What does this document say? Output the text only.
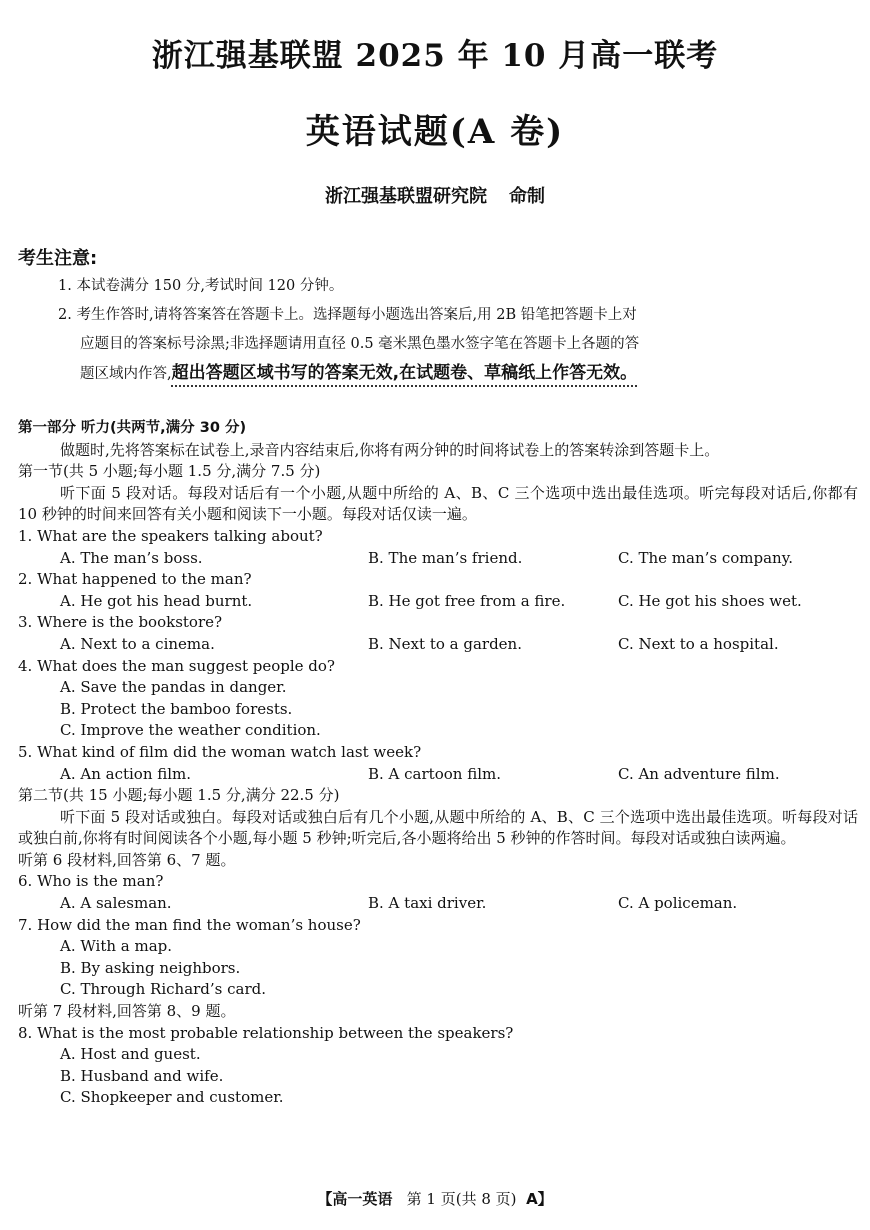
浙江强基联盟 2025 年 10 月高一联考
英语试题(A 卷)
浙江强基联盟研究院 命制
考生注意:
1. 本试卷满分 150 分,考试时间 120 分钟。
2. 考生作答时,请将答案答在答题卡上。选择题每小题选出答案后,用 2B 铅笔把答题卡上对
应题目的答案标号涂黑;非选择题请用直径 0.5 毫米黑色墨水签字笔在答题卡上各题的答
题区域内作答,超出答题区域书写的答案无效,在试题卷、草稿纸上作答无效。
第一部分 听力(共两节,满分 30 分)
做题时,先将答案标在试卷上,录音内容结束后,你将有两分钟的时间将试卷上的答案转涂到答题卡上。
第一节(共 5 小题;每小题 1.5 分,满分 7.5 分)
听下面 5 段对话。每段对话后有一个小题,从题中所给的 A、B、C 三个选项中选出最佳选项。听完每段对话后,你都有 10 秒钟的时间来回答有关小题和阅读下一小题。每段对话仅读一遍。
1. What are the speakers talking about?
A. The man’s boss.	B. The man’s friend.	C. The man’s company.
2. What happened to the man?
A. He got his head burnt.	B. He got free from a fire.	C. He got his shoes wet.
3. Where is the bookstore?
A. Next to a cinema.	B. Next to a garden.	C. Next to a hospital.
4. What does the man suggest people do?
A. Save the pandas in danger.
B. Protect the bamboo forests.
C. Improve the weather condition.
5. What kind of film did the woman watch last week?
A. An action film.	B. A cartoon film.	C. An adventure film.
第二节(共 15 小题;每小题 1.5 分,满分 22.5 分)
听下面 5 段对话或独白。每段对话或独白后有几个小题,从题中所给的 A、B、C 三个选项中选出最佳选项。听每段对话或独白前,你将有时间阅读各个小题,每小题 5 秒钟;听完后,各小题将给出 5 秒钟的作答时间。每段对话或独白读两遍。
听第 6 段材料,回答第 6、7 题。
6. Who is the man?
A. A salesman.	B. A taxi driver.	C. A policeman.
7. How did the man find the woman’s house?
A. With a map.
B. By asking neighbors.
C. Through Richard’s card.
听第 7 段材料,回答第 8、9 题。
8. What is the most probable relationship between the speakers?
A. Host and guest.
B. Husband and wife.
C. Shopkeeper and customer.
【高一英语 第 1 页(共 8 页) A】
